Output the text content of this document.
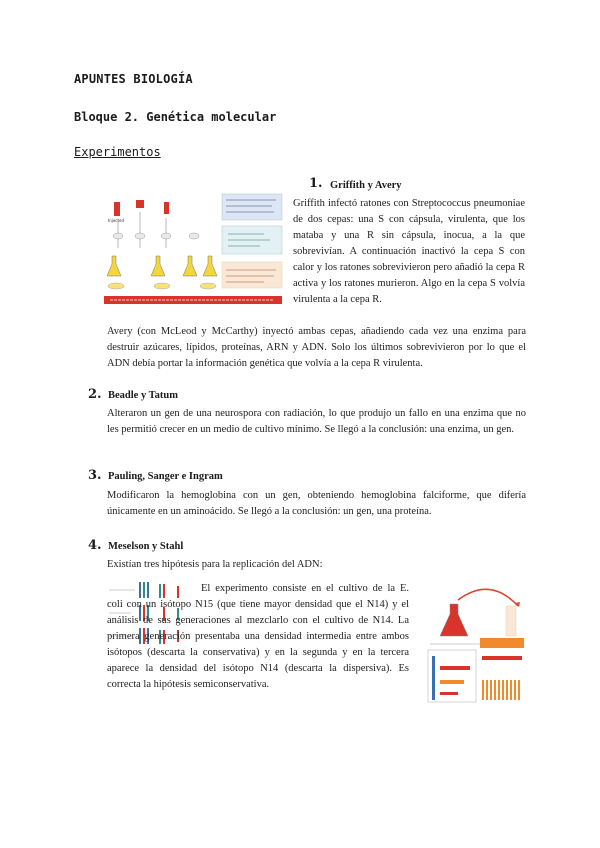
APUNTES BIOLOGÍA
Bloque 2. Genética molecular
Experimentos
Injected
1. Griffith y Avery
Griffith infectó ratones con Streptococcus pneumoniae de dos cepas: una S con cápsula, virulenta, que los mataba y una R sin cápsula, inocua, a la que sobrevivían. A continuación inactivó la cepa S con calor y los ratones sobrevivieron pero añadió la cepa R activa y los ratones murieron. Algo en la cepa S volvía virulenta a la cepa R.
Avery (con McLeod y McCarthy) inyectó ambas cepas, añadiendo cada vez una enzima para destruir azúcares, lípidos, proteínas, ARN y ADN. Solo los últimos sobrevivieron por lo que el ADN debía portar la información genética que volvía a la cepa R virulenta.
2. Beadle y Tatum
Alteraron un gen de una neurospora con radiación, lo que produjo un fallo en una enzima que no les permitió crecer en un medio de cultivo mínimo. Se llegó a la conclusión: una enzima, un gen.
3. Pauling, Sanger e Ingram
Modificaron la hemoglobina con un gen, obteniendo hemoglobina falciforme, que difería únicamente en un aminoácido. Se llegó a la conclusión: un gen, una proteína.
4. Meselson y Stahl
Existían tres hipótesis para la replicación del ADN:
El experimento consiste en el cultivo de la E. coli con un isótopo N15 (que tiene mayor densidad que el N14) y el análisis de sus generaciones al mezclarlo con el cultivo de N14. La primera generación presentaba una densidad intermedia entre ambos isótopos (descarta la conservativa) y en la segunda y en la tercera aparece la densidad del isótopo N14 (descarta la dispersiva). Es correcta la hipótesis semiconservativa.
